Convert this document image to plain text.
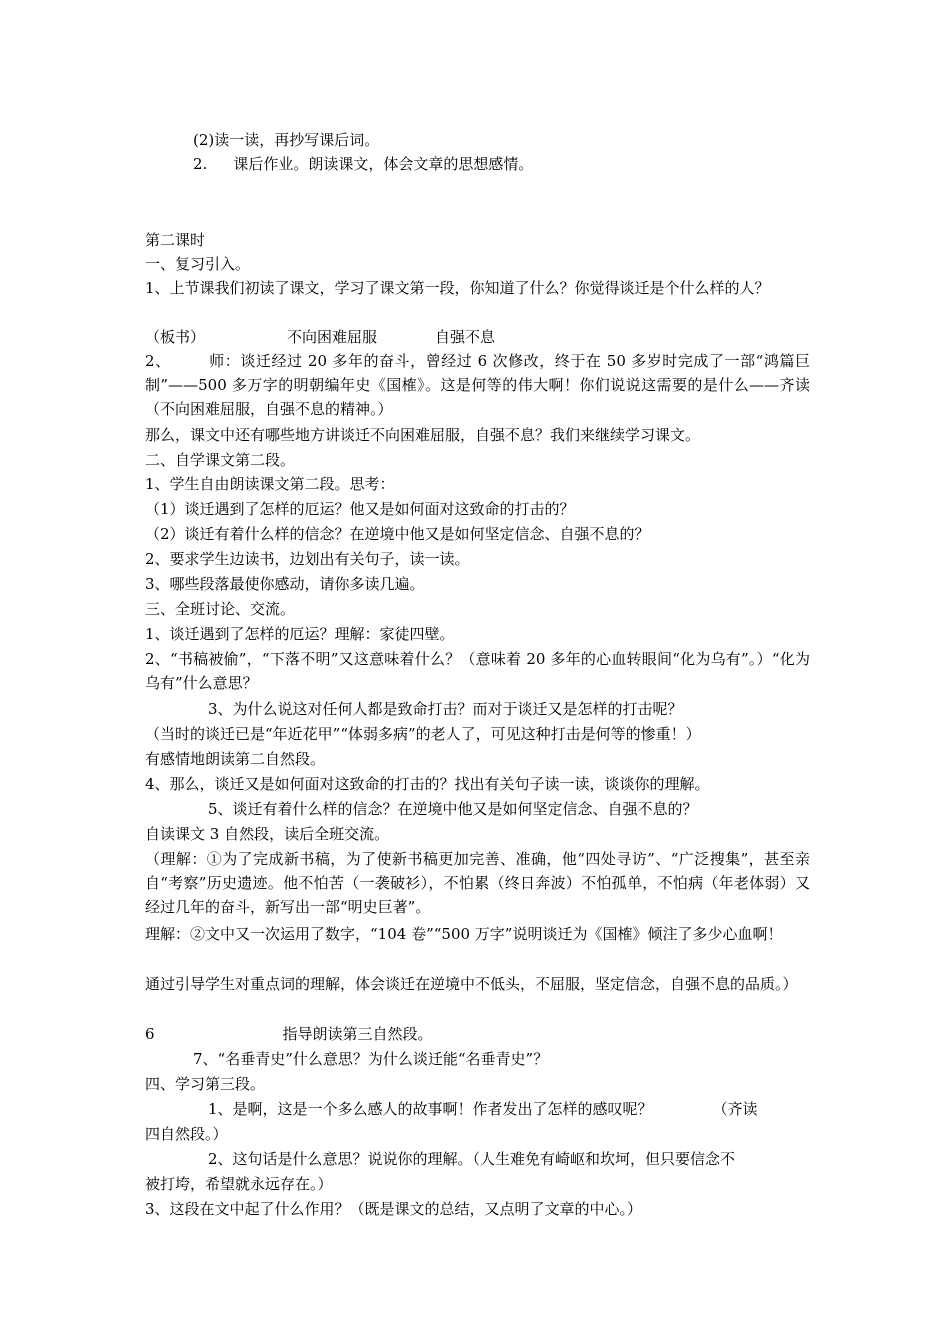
(2)读一读，再抄写课后词。
2. 课后作业。朗读课文，体会文章的思想感情。
第二课时
一、复习引入。
1、上节课我们初读了课文，学习了课文第一段，你知道了什么？你觉得谈迁是个什么样的人？
（板书）	不向困难屈服	自强不息
2、	师：谈迁经过 20 多年的奋斗，曾经过 6 次修改，终于在 50 多岁时完成了一部“鸿篇巨制”——500 多万字的明朝编年史《国榷》。这是何等的伟大啊！你们说说这需要的是什么——齐读（不向困难屈服，自强不息的精神。）
那么，课文中还有哪些地方讲谈迁不向困难屈服，自强不息？我们来继续学习课文。
二、自学课文第二段。
1、学生自由朗读课文第二段。思考：
（1）谈迁遇到了怎样的厄运？他又是如何面对这致命的打击的？
（2）谈迁有着什么样的信念？在逆境中他又是如何坚定信念、自强不息的？
2、要求学生边读书，边划出有关句子，读一读。
3、哪些段落最使你感动，请你多读几遍。
三、全班讨论、交流。
1、谈迁遇到了怎样的厄运？理解：家徒四壁。
2、“书稿被偷”，“下落不明”又这意味着什么？（意味着 20 多年的心血转眼间“化为乌有”。）“化为乌有”什么意思？
3、为什么说这对任何人都是致命打击？而对于谈迁又是怎样的打击呢？
（当时的谈迁已是“年近花甲”“体弱多病”的老人了，可见这种打击是何等的惨重！）
有感情地朗读第二自然段。
4、那么，谈迁又是如何面对这致命的打击的？找出有关句子读一读，谈谈你的理解。
5、谈迁有着什么样的信念？在逆境中他又是如何坚定信念、自强不息的？
自读课文 3 自然段，读后全班交流。
（理解：①为了完成新书稿，为了使新书稿更加完善、准确，他“四处寻访”、“广泛搜集”，甚至亲自“考察”历史遗迹。他不怕苦（一袭破衫），不怕累（终日奔波）不怕孤单，不怕病（年老体弱）又经过几年的奋斗，新写出一部“明史巨著”。
理解：②文中又一次运用了数字，“104 卷”“500 万字”说明谈迁为《国榷》倾注了多少心血啊！
通过引导学生对重点词的理解，体会谈迁在逆境中不低头，不屈服，坚定信念，自强不息的品质。）
6	指导朗读第三自然段。
7、“名垂青史”什么意思？为什么谈迁能“名垂青史”？
四、学习第三段。
1、是啊，这是一个多么感人的故事啊！作者发出了怎样的感叹呢？	（齐读
四自然段。）
2、这句话是什么意思？说说你的理解。（人生难免有崎岖和坎坷，但只要信念不
被打垮，希望就永远存在。）
3、这段在文中起了什么作用？（既是课文的总结，又点明了文章的中心。）
